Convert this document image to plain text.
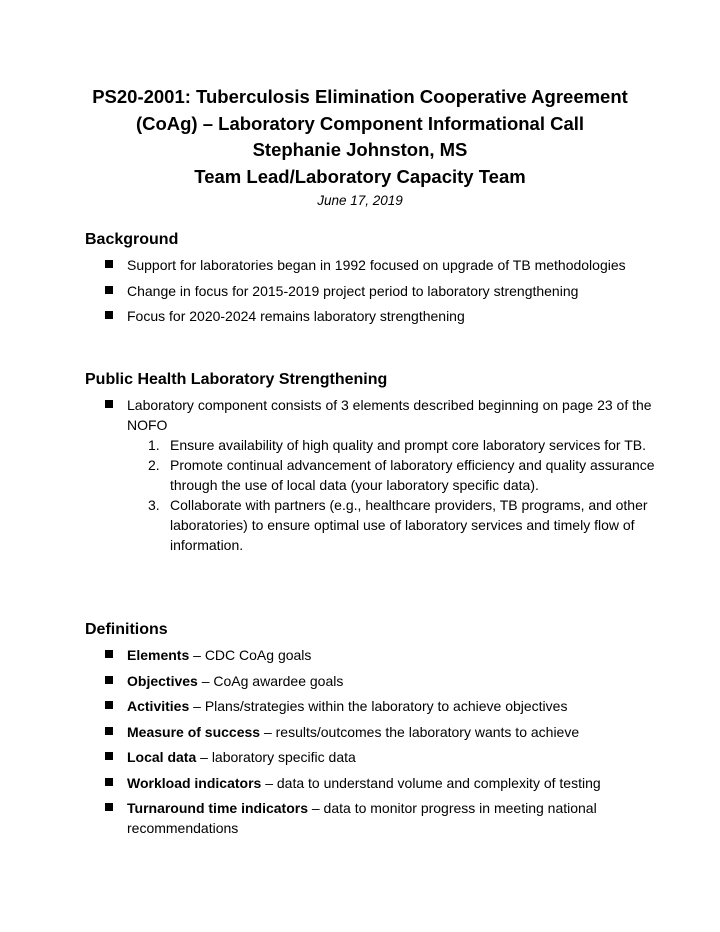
PS20-2001: Tuberculosis Elimination Cooperative Agreement
(CoAg) – Laboratory Component Informational Call
Stephanie Johnston, MS
Team Lead/Laboratory Capacity Team
June 17, 2019
Background
Support for laboratories began in 1992 focused on upgrade of TB methodologies
Change in focus for 2015-2019 project period to laboratory strengthening
Focus for 2020-2024 remains laboratory strengthening
Public Health Laboratory Strengthening
Laboratory component consists of 3 elements described beginning on page 23 of the NOFO
1. Ensure availability of high quality and prompt core laboratory services for TB.
2. Promote continual advancement of laboratory efficiency and quality assurance through the use of local data (your laboratory specific data).
3. Collaborate with partners (e.g., healthcare providers, TB programs, and other laboratories) to ensure optimal use of laboratory services and timely flow of information.
Definitions
Elements – CDC CoAg goals
Objectives – CoAg awardee goals
Activities – Plans/strategies within the laboratory to achieve objectives
Measure of success – results/outcomes the laboratory wants to achieve
Local data – laboratory specific data
Workload indicators – data to understand volume and complexity of testing
Turnaround time indicators – data to monitor progress in meeting national recommendations
